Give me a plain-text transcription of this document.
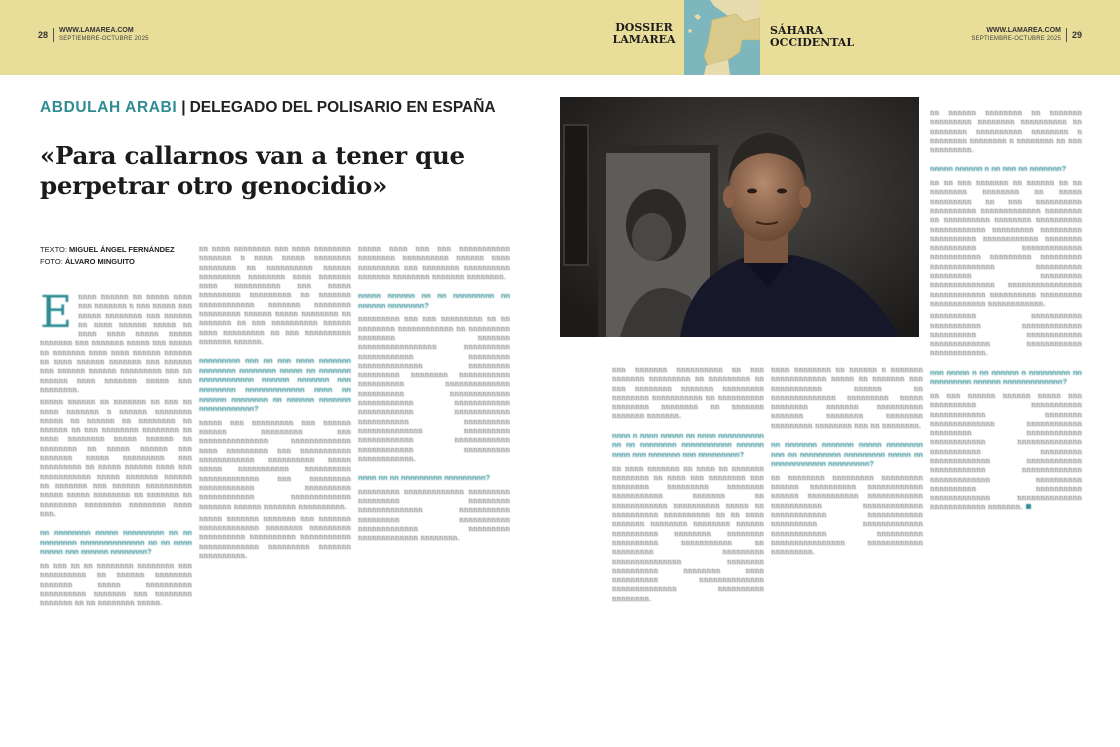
28 WWW.LAMAREA.COM
SEPTIEMBRE-OCTUBRE 2025
DOSSIER
LAMAREA
SÁHARA
OCCIDENTAL
WWW.LAMAREA.COM
SEPTIEMBRE-OCTUBRE 2025 29
ABDULAH ARABI | DELEGADO DEL POLISARIO EN ESPAÑA
«Para callarnos van a tener que perpetrar otro genocidio»
TEXTO: MIGUEL ÁNGEL FERNÁNDEZ
FOTO: ÁLVARO MINGUITO
E nnnn nnnnnn nn nnnnn nnnn nnn nnnnnnn n nnn nnnnn nnn nnnnn nnnnnnnn nnn nnnnnn nn nnnn nnnnnn nnnnn nn nnnn nnnn nnnnn nnnnn nnnnnnn nnn nnnnnnn nnnnn nnn nnnnn nn nnnnnnn nnnn nnnn nnnnnn nnnnnn nn nnnn nnnnnn nnnnnnn nnn nnnnnn nnn nnnnnn nnnnnn nnnnnnnnn nnn nn nnnnnn nnnn nnnnnnn nnnnn nnn nnnnnnnn.

nnnnn nnnnnn nn nnnnnnn nn nnn nn nnnn nnnnnnn n nnnnnn nnnnnnnn nnnnn nn nnnnnn nn nnnnnnnn nn nnnnnn nn nnn nnnnnnnn nnnnnnnn nn nnnn nnnnnnnn nnnnn nnnnnn nn nnnnnnnn nn nnnnn nnnnnn nnn nnnnnnn nnnnn nnnnnnnnn nnn nnnnnnnnn nn nnnnn nnnnnn nnnn nnn nnnnnnnnnnn nnnnn nnnnnnn nnnnnn nn nnnnnnn nnn nnnnnn nnnnnnnnnn nnnnn nnnnn nnnnnnnn nn nnnnnnn nn nnnnnnnn nnnnnnnn nnnnnnnn nnnn nnn.

nn nnnnnnnn nnnnn nnnnnnnnn nn nn nnnnnnnn nnnnnnnnnnnnnn nn nn nnnn nnnnn nnn nnnnnn nnnnnnnn?

nn nnn nn nn nnnnnnnn nnnnnnnn nnn nnnnnnnnnn nn nnnnnn nnnnnnnn nnnnnnn nnnnn nnnnnnnnnn nnnnnnnnnn nnnnnnn nnn nnnnnnnn nnnnnnn nn nn nnnnnnnn nnnnn.

nn nnnn nnnnnnnn nnn nnnn nnnnnnnn nnnnnnn n nnnn nnnnn nnnnnnnn nnnnnnnn nn nnnnnnnnnn nnnnnn nnnnnnnnn nnnnnnnn nnnn nnnnnnn nnnn nnnnnnnnnn nnn nnnnn nnnnnnnnn nnnnnnnnn nn nnnnnnn nnnnnnnnnnnn nnnnnnn nnnnnnnn nnnnnnnnn nnnnnn nnnnn nnnnnnnn nn nnnnnnn nn nnn nnnnnnnnnn nnnnnn nnnn nnnnnnnnn nn nnn nnnnnnnnnn nnnnnnn nnnnnn.

nnnnnnnnn nnn nn nnn nnnn nnnnnnn nnnnnnnn nnnnnnnn nnnnn nn nnnnnnn nnnnnnnnnnnn nnnnnn nnnnnnn nnn nnnnnnnn nnnnnnnnnnnnn nnnn nn nnnnnn nnnnnnnn nn nnnnnn nnnnnnn nnnnnnnnnnnn?

nnnnn nnn nnnnnnnnn nnn nnnnnn nnnnnn nnnnnnnnn nnn nnnnnnnnnnnnnnn nnnnnnnnnnnnn nnnn nnnnnnnnn nnn nnnnnnnnnnn nnnnnnnnnnnn nnnnnnnnnn nnnnn nnnnn nnnnnnnnnnn nnnnnnnnnn nnnnnnnnnnnnn nnn nnnnnnnnn nnnnnnnnnnnn nnnnnnnnnn nnnnnnnnnnnn nnnnnnnnnnnnn nnnnnnn nnnnnn nnnnnnn nnnnnnnnnn.

nnnnn nnnnnnn nnnnnnn nnn nnnnnnn nnnnnnnnnnnnn nnnnnnnn nnnnnnnnn nnnnnnnnnn nnnnnnnnnn nnnnnnnnnnn nnnnnnnnnnnnn nnnnnnnnn nnnnnnn nnnnnnnnnn.

nnnnn nnnn nnn nnn nnnnnnnnnnn nnnnnnnn nnnnnnnnnn nnnnnn nnnn nnnnnnnnn nnn nnnnnnnn nnnnnnnnnn nnnnnnn nnnnnnnn nnnnnnn nnnnnnnn.

nnnnn nnnnnn nn nn nnnnnnnnn nn nnnnnn nnnnnnnn?

nnnnnnnnn nnn nnn nnnnnnnnn nn nn nnnnnnnn nnnnnnnnnnnn nn nnnnnnnnn nnnnnnnn nnnnnnn nnnnnnnnnnnnnnnnn nnnnnnnnnn nnnnnnnnnnnn nnnnnnnnn nnnnnnnnnnnnnn nnnnnnnnn nnnnnnnnn nnnnnnnn nnnnnnnnnnn nnnnnnnnnn nnnnnnnnnnnnnn nnnnnnnnnn nnnnnnnnnnnnn nnnnnnnnnnnn nnnnnnnnnnnn nnnnnnnnnnnn nnnnnnnnnnnn nnnnnnnnnnn nnnnnnnnnn nnnnnnnnnnnnnn nnnnnnnnnn nnnnnnnnnnnn nnnnnnnnnnnn nnnnnnnnnnnn nnnnnnnnnn nnnnnnnnnnnn.

nnnn nn nn nnnnnnnnn nnnnnnnnn?

nnnnnnnnn nnnnnnnnnnnnn nnnnnnnnn nnnnnnnnn nnnnnnnnn nnnnnnnnnnnnnn nnnnnnnnnnn nnnnnnnnn nnnnnnnnnnn nnnnnnnnnnnnn nnnnnnnnn nnnnnnnnnnnnn nnnnnnnn.

nnn nnnnnnn nnnnnnnnnn nn nnn nnnnnnn nnnnnnnnn nn nnnnnnnnn nn nnn nnnnnnnn nnnnnnn nnnnnnnnn nnnnnnnn nnnnnnnnnnn nn nnnnnnnnnn nnnnnnnn nnnnnnnn nn nnnnnnn nnnnnnn nnnnnnn.

nnnn n nnnn nnnnn nn nnnn nnnnnnnnnn nn nn nnnnnnnn nnnnnnnnnnn nnnnnn nnnn nnn nnnnnnn nnn nnnnnnnnn?

nn nnnn nnnnnnn nn nnnn nn nnnnnnn nnnnnnnn nn nnnn nnn nnnnnnnn nnn nnnnnnnn nnnnnnnnn nnnnnnnn nnnnnnnnnnn nnnnnnn nn nnnnnnnnnnnn nnnnnnnnnn nnnnn nn nnnnnnnnnn nnnnnnnnnn nn nn nnnn nnnnnnn nnnnnnnn nnnnnnnn nnnnnn nnnnnnnnnn nnnnnnnn nnnnnnnn nnnnnnnnnn nnnnnnnnnnn nn nnnnnnnnn nnnnnnnnn nnnnnnnnnnnnnnn nnnnnnnn nnnnnnnnnn nnnnnnnn nnnn nnnnnnnnnn nnnnnnnnnnnnnn nnnnnnnnnnnnnn nnnnnnnnnn nnnnnnnn.

nnnn nnnnnnnn nn nnnnnn n nnnnnnn nnnnnnnnnnnn nnnnn nn nnnnnnn nnn nnnnnnnnnnn nnnnnn nn nnnnnnnnnnnnnn nnnnnnnnn nnnnn nnnnnnnn nnnnnnn nnnnnnnnnn nnnnnnn nnnnnnnn nnnnnnnn nnnnnnnnn nnnnnnnn nnn nn nnnnnnnn.

nn nnnnnnn nnnnnnn nnnnn nnnnnnnn nnn nn nnnnnnnnn nnnnnnnnn nnnnn nn nnnnnnnnnnnn nnnnnnnnn?

nn nnnnnnnn nnnnnnnnn nnnnnnnnn nnnnnn nnnnnnnnnn nnnnnnnnnnnn nnnnnn nnnnnnnnnnn nnnnnnnnnnnn nnnnnnnnnnn nnnnnnnnnnnnn nnnnnnnnnnnn nnnnnnnnnnnn nnnnnnnnnn nnnnnnnnnnnnn nnnnnnnnnnnn nnnnnnnnnn nnnnnnnnnnnnnnnn nnnnnnnnnnnn nnnnnnnnn.

nn nnnnnn nnnnnnnn nn nnnnnnn nnnnnnnnn nnnnnnnn nnnnnnnnnn nn nnnnnnnn nnnnnnnnnn nnnnnnnn n nnnnnnnn nnnnnnnn n nnnnnnnn nn nnn nnnnnnnnn.

nnnnn nnnnnn n nn nnn nn nnnnnnn?

nn nn nnn nnnnnnn nn nnnnnn nn nn nnnnnnnn nnnnnnnn nn nnnnn nnnnnnnnn nn nnn nnnnnnnnnn nnnnnnnnnn nnnnnnnnnnnnn nnnnnnnn nn nnnnnnnnnn nnnnnnnn nnnnnnnnnn nnnnnnnnnnnn nnnnnnnnn nnnnnnnnn nnnnnnnnnn nnnnnnnnnnnn nnnnnnnn nnnnnnnnnn nnnnnnnnnnnnn nnnnnnnnnnn nnnnnnnnn nnnnnnnnn nnnnnnnnnnnnnn nnnnnnnnnn nnnnnnnnn nnnnnnnnn nnnnnnnnnnnnnn nnnnnnnnnnnnnnnn nnnnnnnnnnnn nnnnnnnnnn nnnnnnnnn nnnnnnnnnnnn nnnnnnnnnnnn.

nnnnnnnnnn nnnnnnnnnnn nnnnnnnnnnn nnnnnnnnnnnnn nnnnnnnnnn nnnnnnnnnnnn nnnnnnnnnnnnn nnnnnnnnnnnn nnnnnnnnnnnn.

nnn nnnnn n nn nnnnnn n nnnnnnnnn nn nnnnnnnnn nnnnnn nnnnnnnnnnnnn?

nn nnn nnnnnn nnnnnn nnnnn nnn nnnnnnnnnn nnnnnnnnnnn nnnnnnnnnnnn nnnnnnnn nnnnnnnnnnnnnn nnnnnnnnnnnn nnnnnnnnn nnnnnnnnnnnn nnnnnnnnnnnn nnnnnnnnnnnnnn nnnnnnnnnnn nnnnnnnnn nnnnnnnnnnnnn nnnnnnnnnnnn nnnnnnnnnnnn nnnnnnnnnnnnn nnnnnnnnnnnnn nnnnnnnnnn nnnnnnnnnn nnnnnnnnnn nnnnnnnnnnnnn nnnnnnnnnnnnnn nnnnnnnnnnnn nnnnnnn.
